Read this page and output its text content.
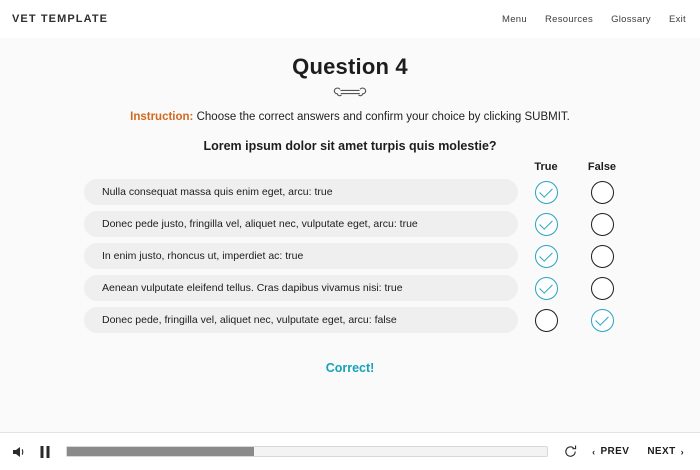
VET TEMPLATE	Menu Resources Glossary Exit
Question 4
Instruction: Choose the correct answers and confirm your choice by clicking SUBMIT.
Lorem ipsum dolor sit amet turpis quis molestie?
True	False
Nulla consequat massa quis enim eget, arcu: true
Donec pede justo, fringilla vel, aliquet nec, vulputate eget, arcu: true
In enim justo, rhoncus ut, imperdiet ac: true
Aenean vulputate eleifend tellus. Cras dapibus vivamus nisi: true
Donec pede, fringilla vel, aliquet nec, vulputate eget, arcu: false
Correct!
‹ PREV NEXT ›
